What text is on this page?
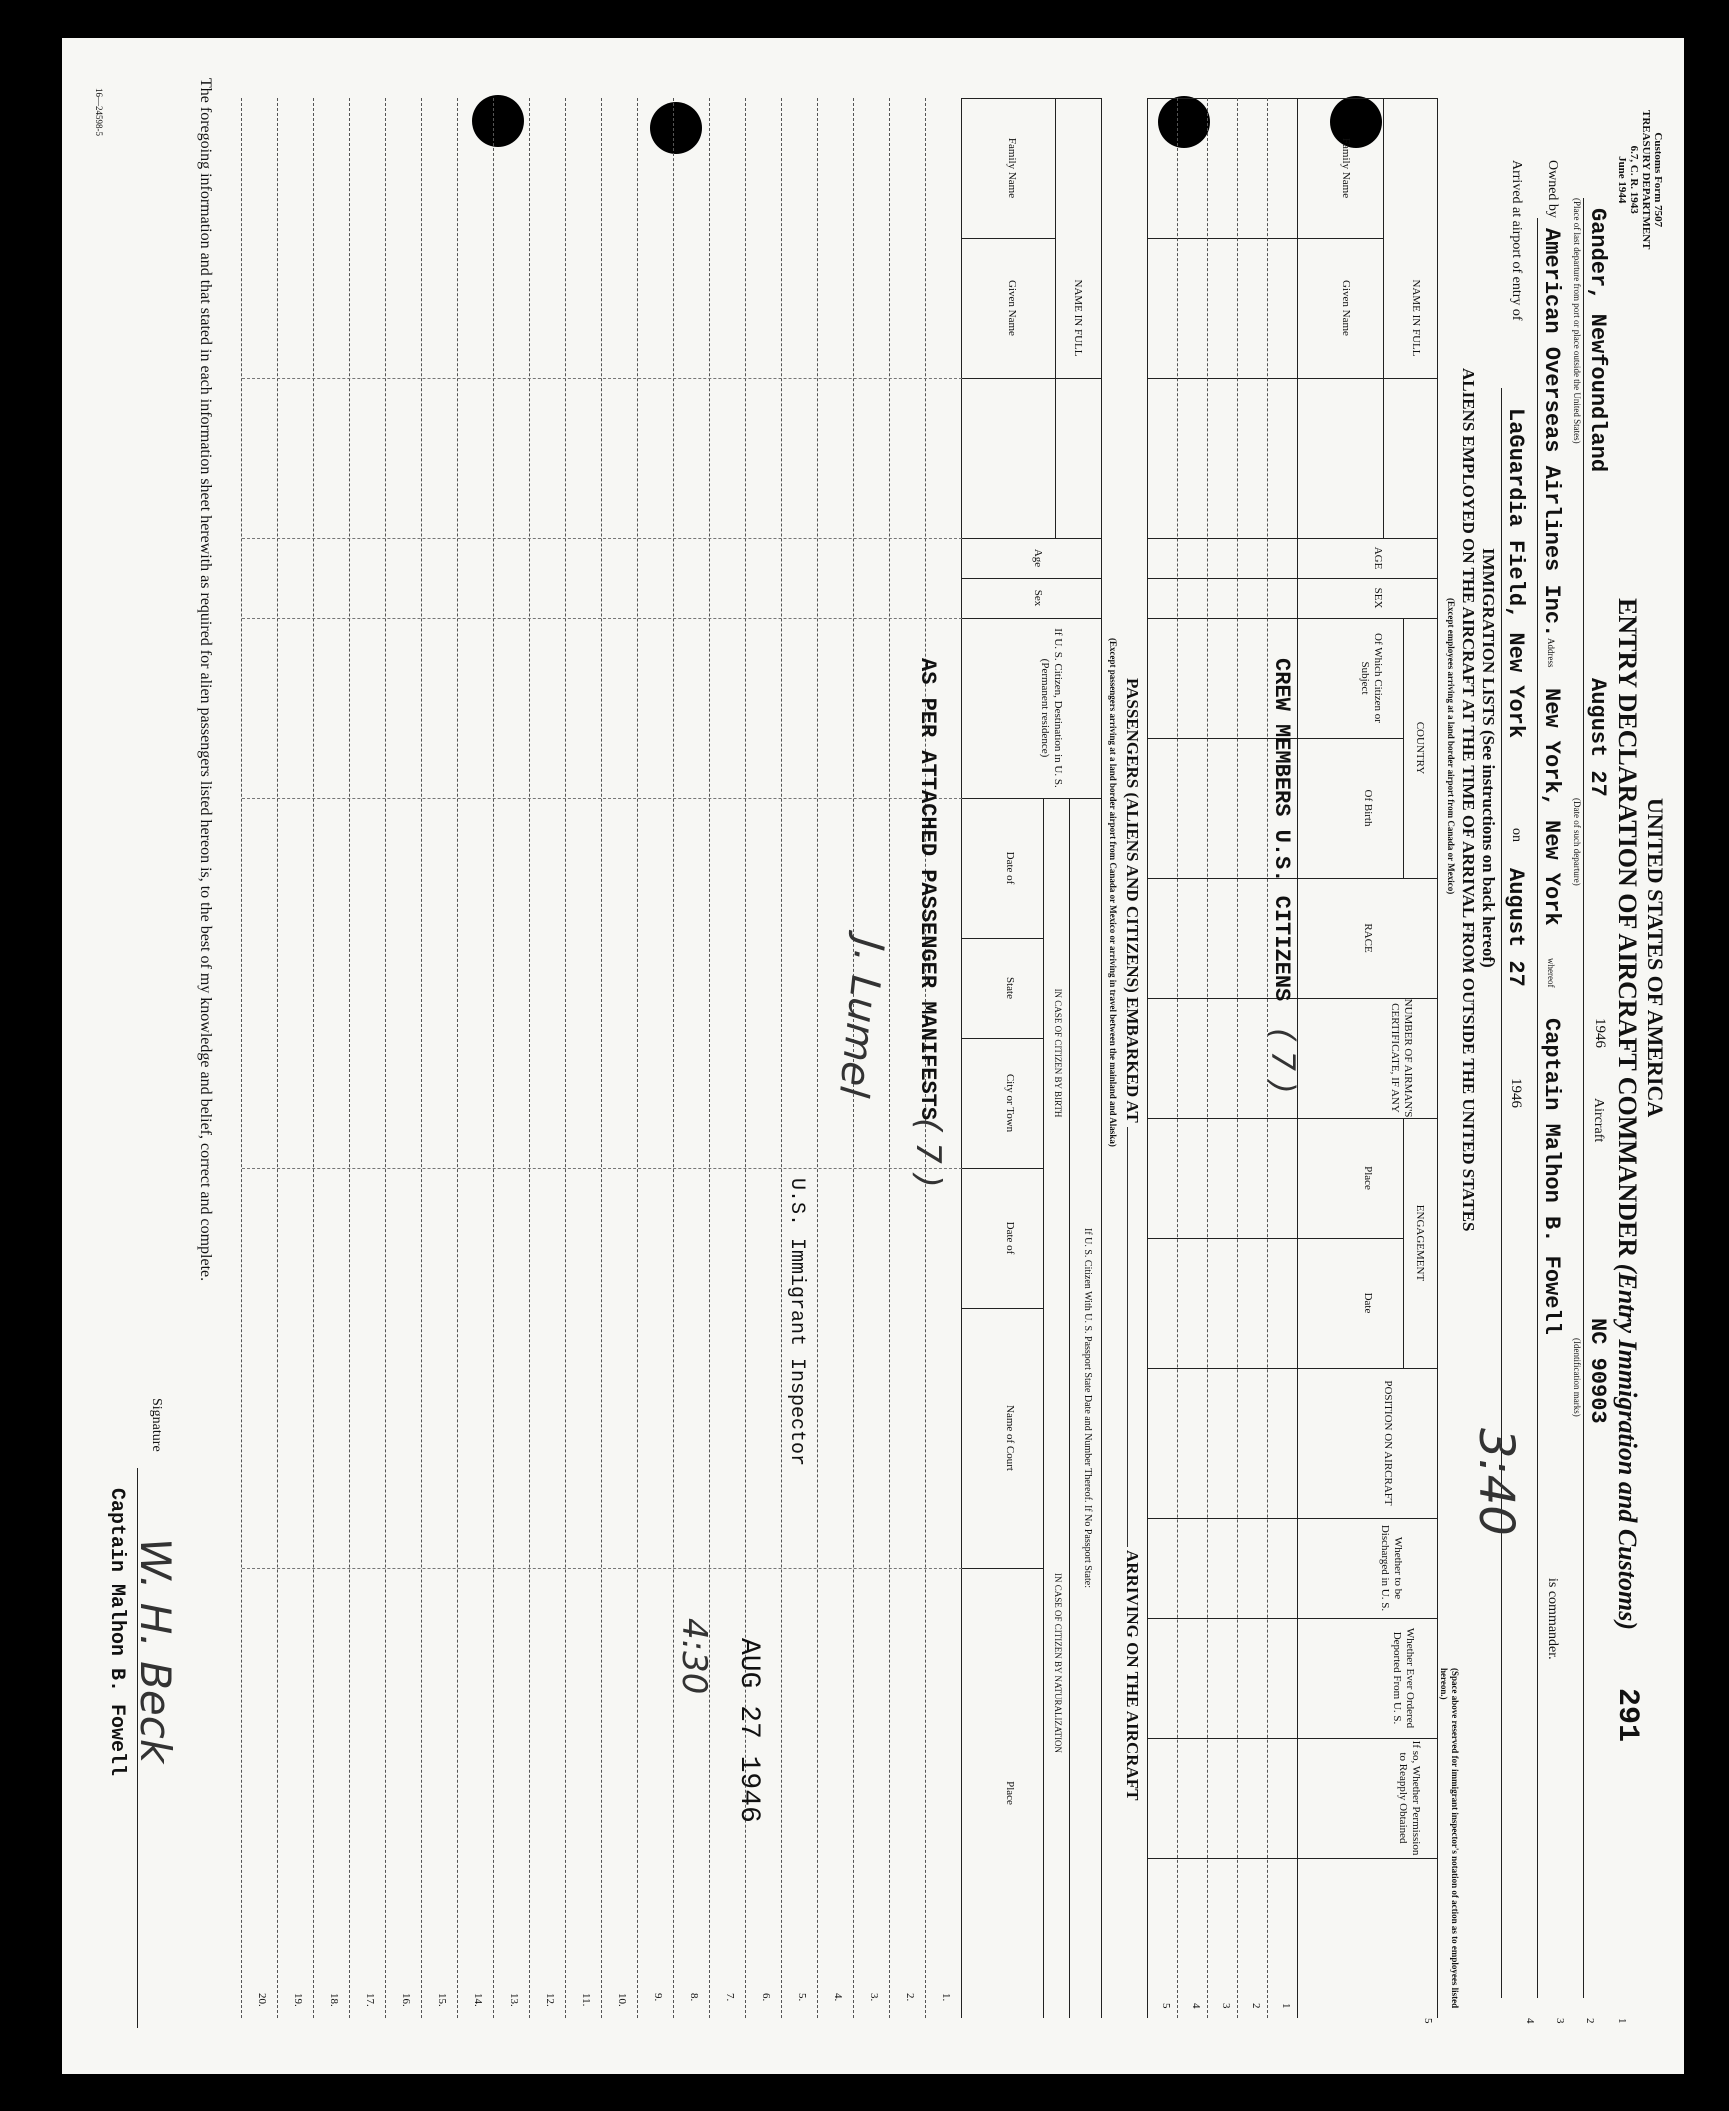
Customs Form 7507
TREASURY DEPARTMENT
6.7, C. R. 1943
June 1944
UNITED STATES OF AMERICA
ENTRY DECLARATION OF AIRCRAFT COMMANDER (Entry Immigration and Customs)
291
1
2
3
4
5
Gander, Newfoundland
August 27
1946
Aircraft
NC 90903
(Place of last departure from port or place outside the United States)
(Date of such departure)
(Identification marks)
Owned by
American Overseas Airlines Inc.
Address
New York, New York
whereof
Captain Malhon B. Fowell
is commander.
Arrived at airport of entry of
LaGuardia Field, New York
on
August 27
1946
3:40
IMMIGRATION LISTS (See instructions on back hereof)
ALIENS EMPLOYED ON THE AIRCRAFT AT THE TIME OF ARRIVAL FROM OUTSIDE THE UNITED STATES
(Except employees arriving at a land border airport from Canada or Mexico)
(Space above reserved for immigrant inspector's notation of action as to employees listed hereon.)
NAME IN FULL
Family Name
Given Name
AGE
SEX
COUNTRY
Of Which Citizen or Subject
Of Birth
RACE
NUMBER OF AIRMAN'S CERTIFICATE, IF ANY
ENGAGEMENT
Place
Date
POSITION ON AIRCRAFT
Whether to be Discharged in U. S.
Whether Ever Ordered Deported From U. S.
If so, Whether Permission to Reapply Obtained
1
2
3
4
5
CREW MEMBERS U.S. CITIZENS
( 7 )
PASSENGERS (ALIENS AND CITIZENS) EMBARKED AT  ARRIVING ON THE AIRCRAFT
(Except passengers arriving at a land border airport from Canada or Mexico or arriving in travel between the mainland and Alaska)
NAME IN FULL
Family Name
Given Name
Age
Sex
If U. S. Citizen, Destination in U. S. (Permanent residence)
If U. S. Citizen With U. S. Passport State Date and Number Thereof. If No Passport State:
IN CASE OF CITIZEN BY BIRTH
IN CASE OF CITIZEN BY NATURALIZATION
Date of
State
City or Town
Date of
Name of Court
Place
1.
2.
3.
4.
5.
6.
7.
8.
9.
10.
11.
12.
13.
14.
15.
16.
17.
18.
19.
20.
AS PER ATTACHED PASSENGER MANIFESTS
( 7 )
J. Lumel
U.S. Immigrant Inspector
AUG 27 1946
4:30
The foregoing information and that stated in each information sheet herewith as required for alien passengers listed hereon is, to the best of my knowledge and belief, correct and complete.
Signature
W. H. Beck
Captain Malhon B. Fowell
16—24598-5
